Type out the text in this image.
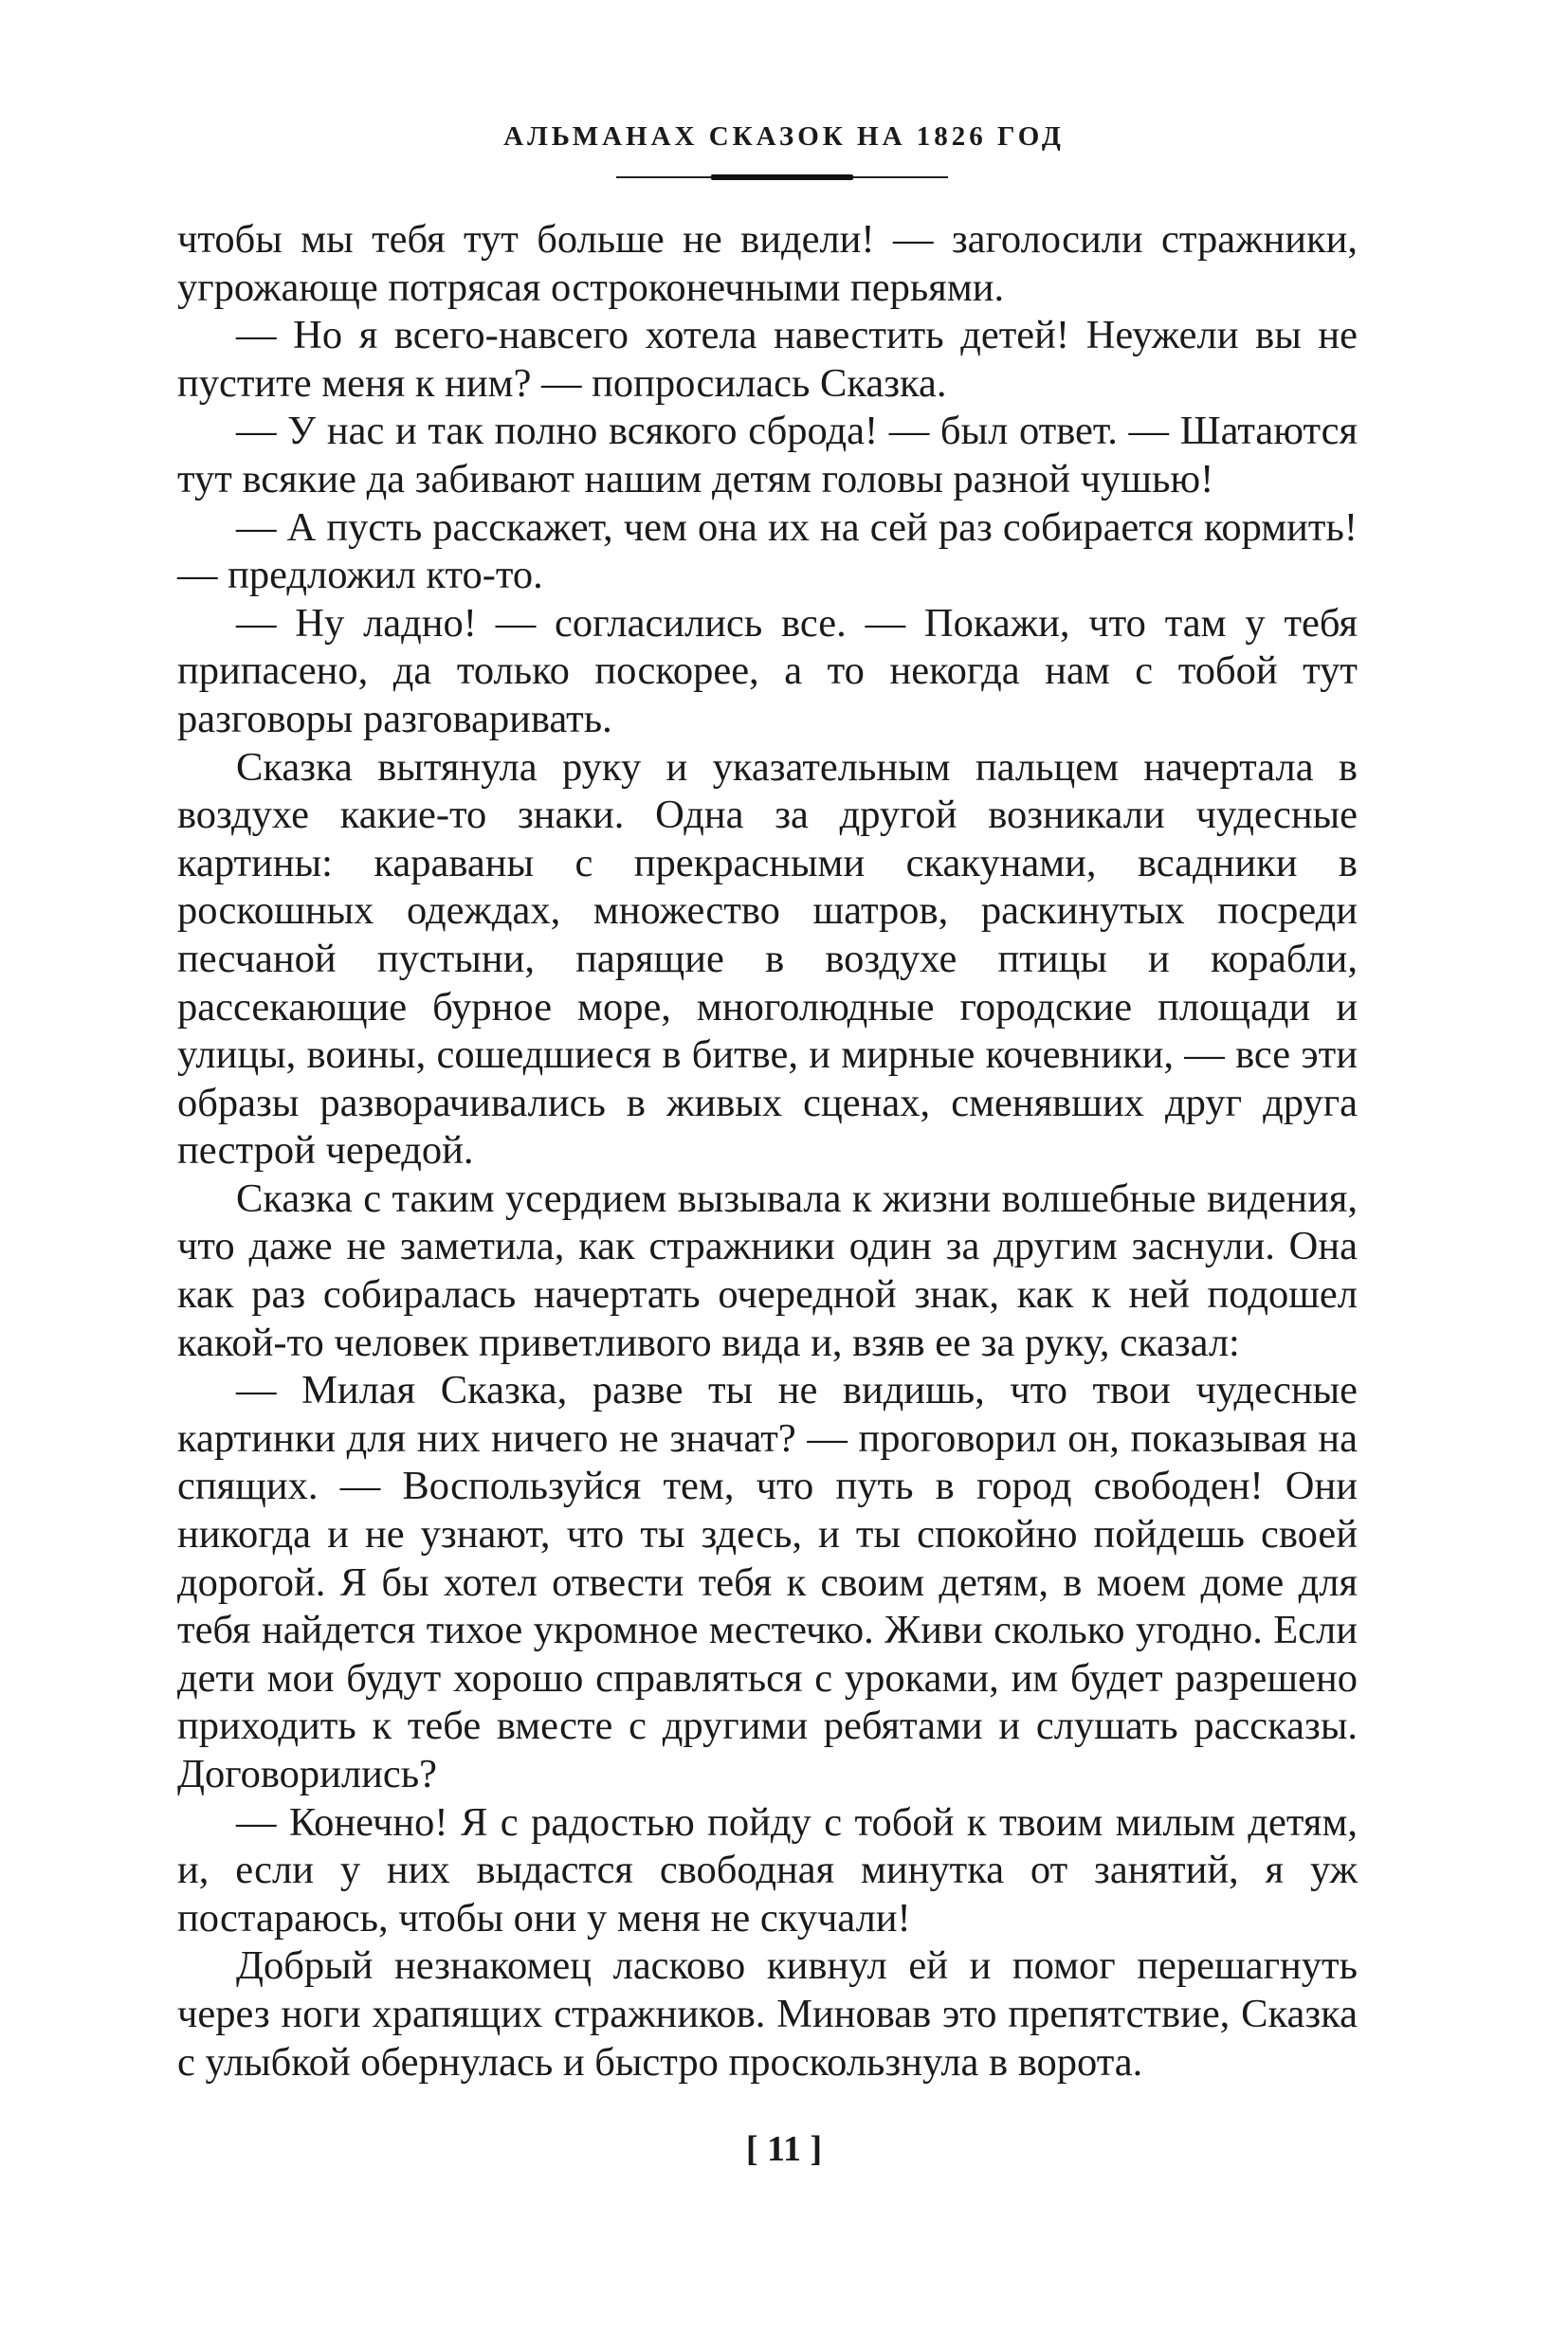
АЛЬМАНАХ СКАЗОК НА 1826 ГОД

чтобы мы тебя тут больше не видели! — заголосили стражники, угрожающе потрясая остроконечными перьями.

— Но я всего-навсего хотела навестить детей! Неужели вы не пустите меня к ним? — попросилась Сказка.

— У нас и так полно всякого сброда! — был ответ. — Шатаются тут всякие да забивают нашим детям головы разной чушью!

— А пусть расскажет, чем она их на сей раз собирается кормить! — предложил кто-то.

— Ну ладно! — согласились все. — Покажи, что там у тебя припасено, да только поскорее, а то некогда нам с тобой тут разговоры разговаривать.

Сказка вытянула руку и указательным пальцем начертала в воздухе какие-то знаки. Одна за другой возникали чудесные картины: караваны с прекрасными скакунами, всадники в роскошных одеждах, множество шатров, раскинутых посреди песчаной пустыни, парящие в воздухе птицы и корабли, рассекающие бурное море, многолюдные городские площади и улицы, воины, сошедшиеся в битве, и мирные кочевники, — все эти образы разворачивались в живых сценах, сменявших друг друга пестрой чередой.

Сказка с таким усердием вызывала к жизни волшебные видения, что даже не заметила, как стражники один за другим заснули. Она как раз собиралась начертать очередной знак, как к ней подошел какой-то человек приветливого вида и, взяв ее за руку, сказал:

— Милая Сказка, разве ты не видишь, что твои чудесные картинки для них ничего не значат? — проговорил он, показывая на спящих. — Воспользуйся тем, что путь в город свободен! Они никогда и не узнают, что ты здесь, и ты спокойно пойдешь своей дорогой. Я бы хотел отвести тебя к своим детям, в моем доме для тебя найдется тихое укромное местечко. Живи сколько угодно. Если дети мои будут хорошо справляться с уроками, им будет разрешено приходить к тебе вместе с другими ребятами и слушать рассказы. Договорились?

— Конечно! Я с радостью пойду с тобой к твоим милым детям, и, если у них выдастся свободная минутка от занятий, я уж постараюсь, чтобы они у меня не скучали!

Добрый незнакомец ласково кивнул ей и помог перешагнуть через ноги храпящих стражников. Миновав это препятствие, Сказка с улыбкой обернулась и быстро проскользнула в ворота.

[ 11 ]
